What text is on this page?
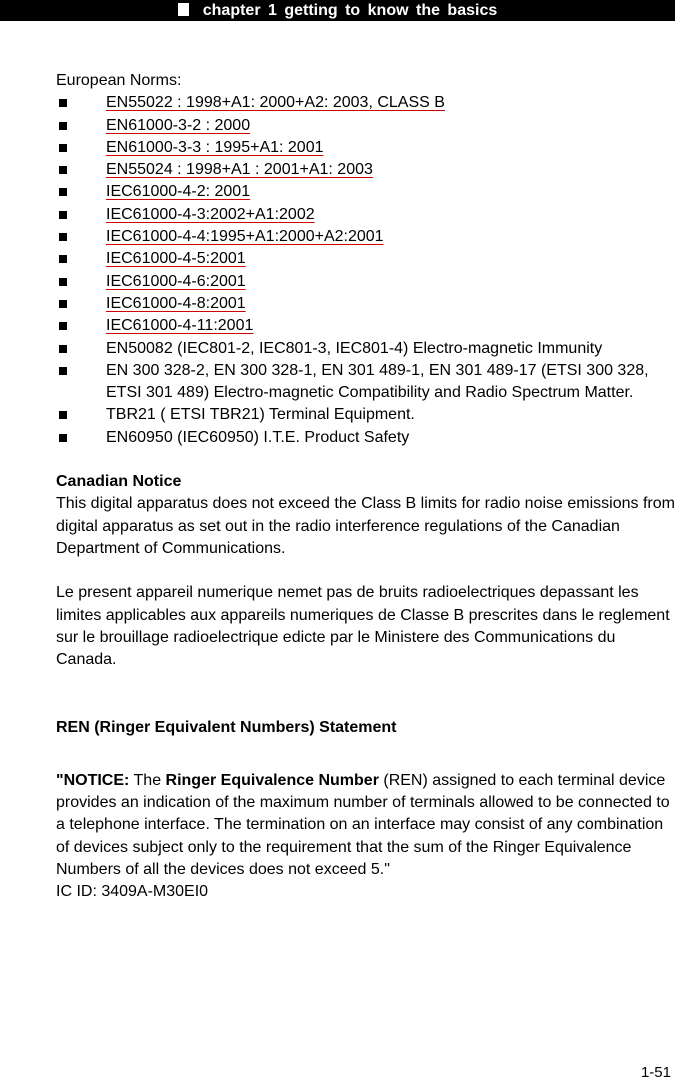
chapter 1 getting to know the basics

European Norms:

EN55022 : 1998+A1: 2000+A2: 2003, CLASS B
EN61000-3-2 : 2000
EN61000-3-3 : 1995+A1: 2001
EN55024 : 1998+A1 : 2001+A1: 2003
IEC61000-4-2: 2001
IEC61000-4-3:2002+A1:2002
IEC61000-4-4:1995+A1:2000+A2:2001
IEC61000-4-5:2001
IEC61000-4-6:2001
IEC61000-4-8:2001
IEC61000-4-11:2001
EN50082 (IEC801-2, IEC801-3, IEC801-4) Electro-magnetic Immunity
EN 300 328-2, EN 300 328-1, EN 301 489-1, EN 301 489-17 (ETSI 300 328, ETSI 301 489) Electro-magnetic Compatibility and Radio Spectrum Matter.
TBR21 ( ETSI TBR21) Terminal Equipment.
EN60950 (IEC60950) I.T.E. Product Safety

Canadian Notice

This digital apparatus does not exceed the Class B limits for radio noise emissions from digital apparatus as set out in the radio interference regulations of the Canadian Department of Communications.

Le present appareil numerique nemet pas de bruits radioelectriques depassant les limites applicables aux appareils numeriques de Classe B prescrites dans le reglement sur le brouillage radioelectrique edicte par le Ministere des Communications du Canada.

REN (Ringer Equivalent Numbers) Statement

"NOTICE: The Ringer Equivalence Number (REN) assigned to each terminal device provides an indication of the maximum number of terminals allowed to be connected to a telephone interface. The termination on an interface may consist of any combination of devices subject only to the requirement that the sum of the Ringer Equivalence Numbers of all the devices does not exceed 5."

IC ID: 3409A-M30EI0

1-51
